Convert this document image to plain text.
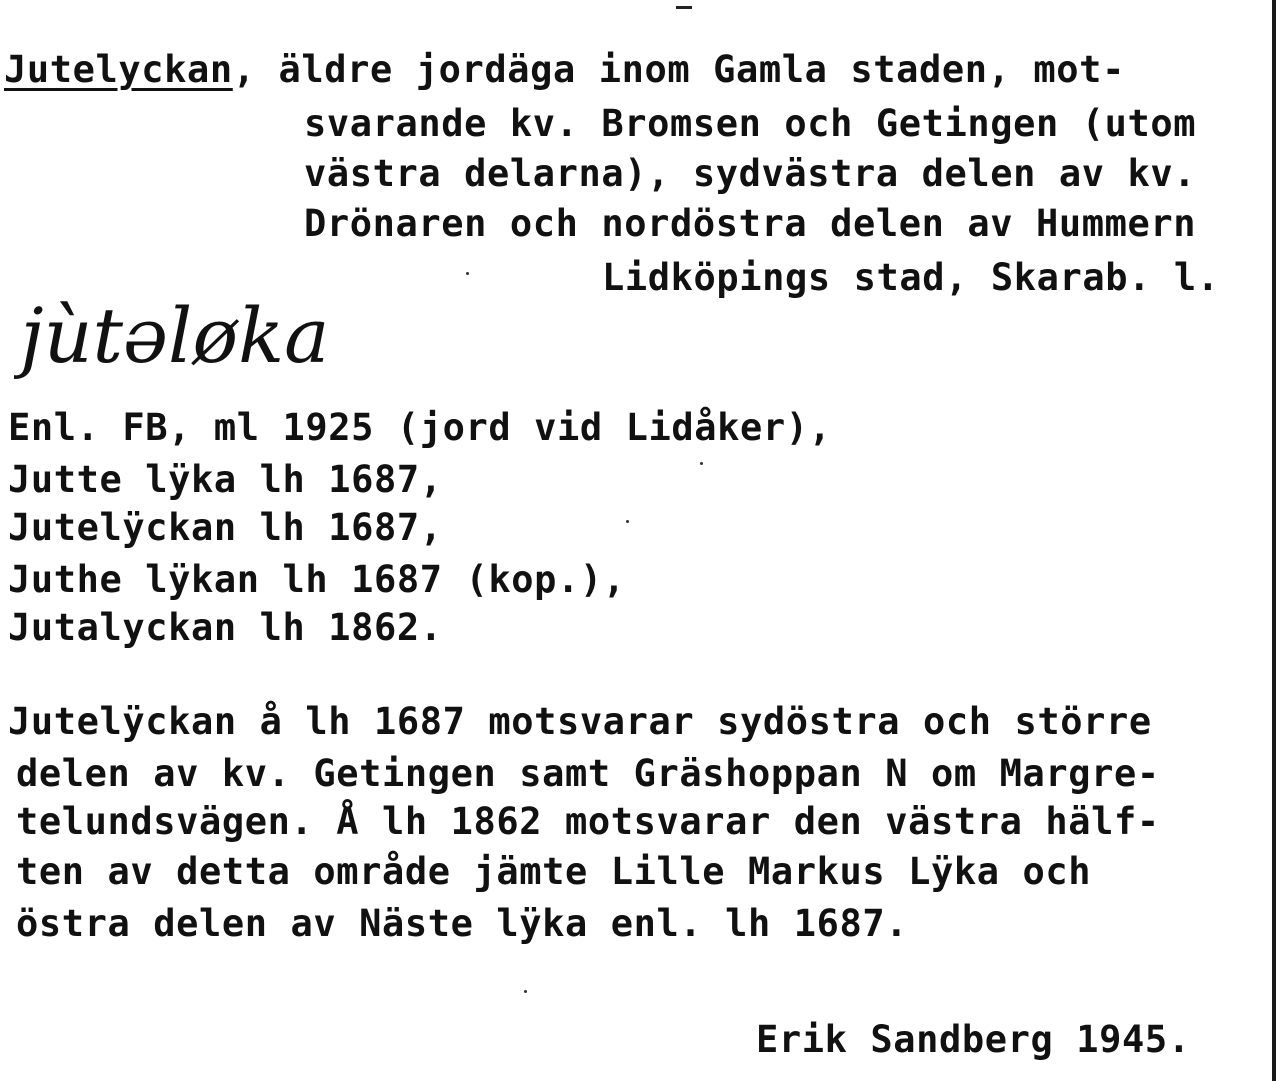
Jutelyckan, äldre jordäga inom Gamla staden, mot-
svarande kv. Bromsen och Getingen (utom
västra delarna), sydvästra delen av kv.
Drönaren och nordöstra delen av Hummern
Lidköpings stad, Skarab. l.
jùtəløka
Enl. FB, ml 1925 (jord vid Lidåker),
Jutte lÿka lh 1687,
Jutelÿckan lh 1687,
Juthe lÿkan lh 1687 (kop.),
Jutalyckan lh 1862.
Jutelÿckan å lh 1687 motsvarar sydöstra och större
delen av kv. Getingen samt Gräshoppan N om Margre-
telundsvägen. Å lh 1862 motsvarar den västra hälf-
ten av detta område jämte Lille Markus Lÿka och
östra delen av Näste lÿka enl. lh 1687.
Erik Sandberg 1945.
